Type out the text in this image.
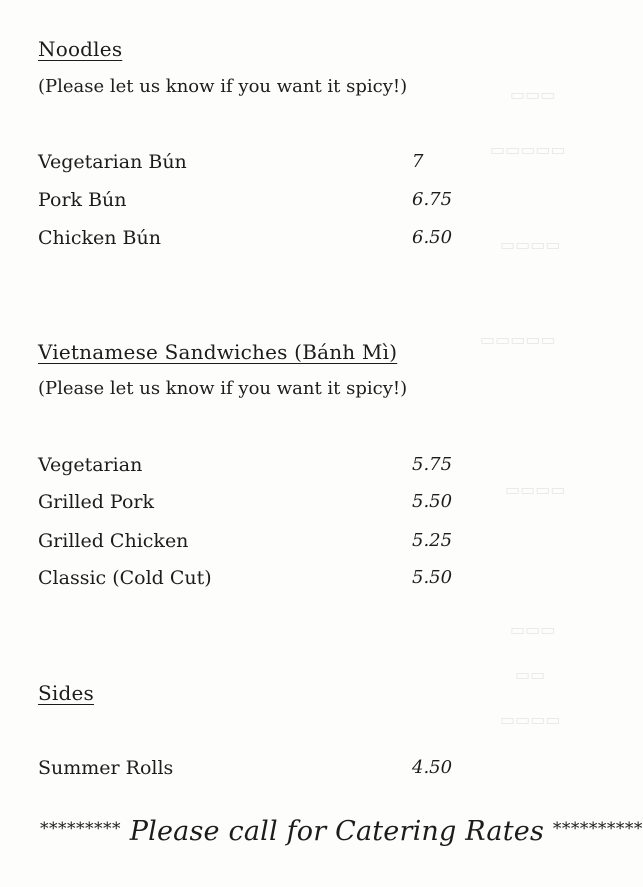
▭▭▭
▭▭▭▭▭
▭▭▭▭
▭▭▭▭▭
▭▭▭▭
▭▭▭
▭▭
▭▭▭▭
Noodles
(Please let us know if you want it spicy!)
Vegetarian Bún	7
Pork Bún	6.75
Chicken Bún	6.50
Vietnamese Sandwiches (Bánh Mì)
(Please let us know if you want it spicy!)
Vegetarian	5.75
Grilled Pork	5.50
Grilled Chicken	5.25
Classic (Cold Cut)	5.50
Sides
Summer Rolls	4.50
********* Please call for Catering Rates **********
